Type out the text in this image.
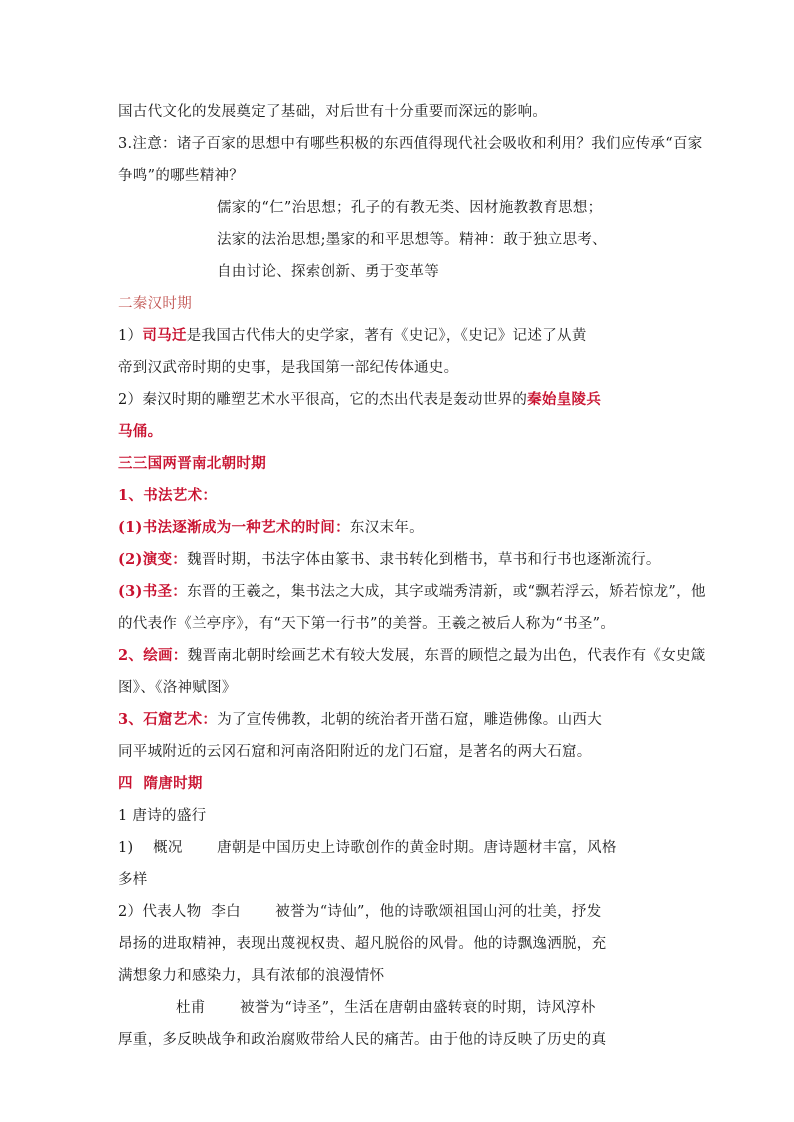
国古代文化的发展奠定了基础，对后世有十分重要而深远的影响。
3.注意：诸子百家的思想中有哪些积极的东西值得现代社会吸收和利用？我们应传承“百家
争鸣”的哪些精神？
儒家的“仁”治思想；孔子的有教无类、因材施教教育思想；
法家的法治思想;墨家的和平思想等。精神：敢于独立思考、
自由讨论、探索创新、勇于变革等
二秦汉时期
1）司马迁是我国古代伟大的史学家，著有《史记》，《史记》记述了从黄
帝到汉武帝时期的史事，是我国第一部纪传体通史。
2）秦汉时期的雕塑艺术水平很高，它的杰出代表是轰动世界的秦始皇陵兵
马俑。
三三国两晋南北朝时期
1、书法艺术：
(1)书法逐渐成为一种艺术的时间：东汉末年。
(2)演变：魏晋时期，书法字体由篆书、隶书转化到楷书，草书和行书也逐渐流行。
(3)书圣：东晋的王羲之，集书法之大成，其字或端秀清新，或“飘若浮云，矫若惊龙”，他
的代表作《兰亭序》，有“天下第一行书”的美誉。王羲之被后人称为“书圣”。
2、绘画：魏晋南北朝时绘画艺术有较大发展，东晋的顾恺之最为出色，代表作有《女史箴
图》、《洛神赋图》
3、石窟艺术：为了宣传佛教，北朝的统治者开凿石窟，雕造佛像。山西大
同平城附近的云冈石窟和河南洛阳附近的龙门石窟，是著名的两大石窟。
四  隋唐时期
1 唐诗的盛行
1)    概况       唐朝是中国历史上诗歌创作的黄金时期。唐诗题材丰富，风格
多样
2）代表人物  李白       被誉为“诗仙”，他的诗歌颂祖国山河的壮美，抒发
昂扬的进取精神，表现出蔑视权贵、超凡脱俗的风骨。他的诗飘逸洒脱，充
满想象力和感染力，具有浓郁的浪漫情怀
杜甫       被誉为“诗圣”，生活在唐朝由盛转衰的时期，诗风淳朴
厚重，多反映战争和政治腐败带给人民的痛苦。由于他的诗反映了历史的真
